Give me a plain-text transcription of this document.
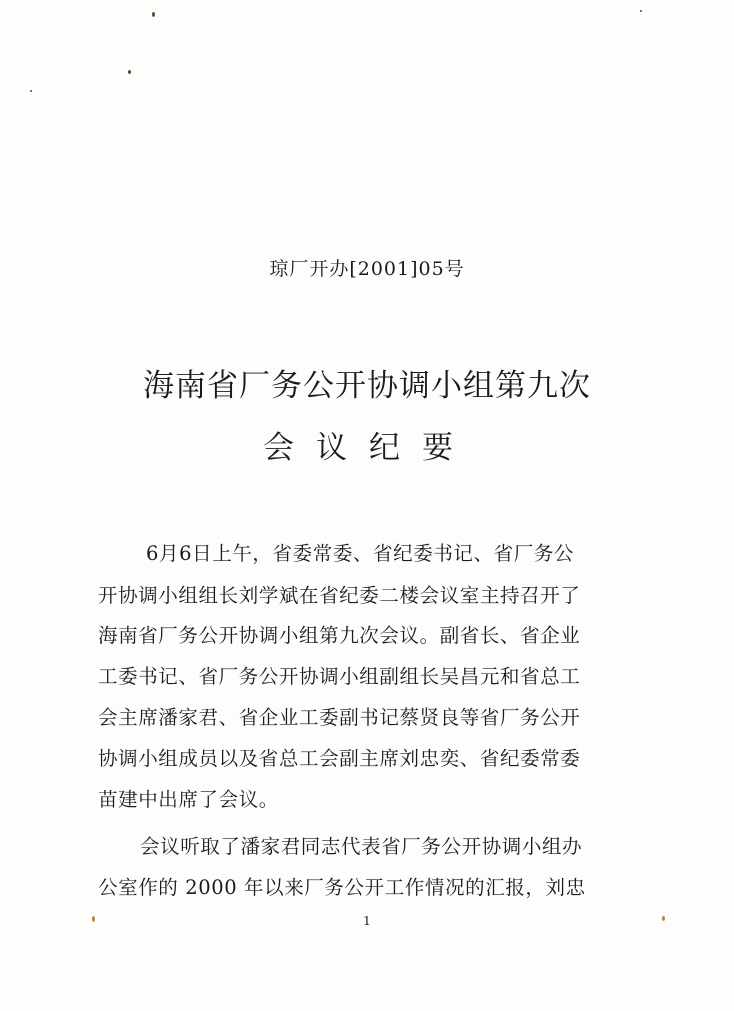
琼厂开办[2001]05号
海南省厂务公开协调小组第九次
会议纪要
6月6日上午，省委常委、省纪委书记、省厂务公
开协调小组组长刘学斌在省纪委二楼会议室主持召开了
海南省厂务公开协调小组第九次会议。副省长、省企业
工委书记、省厂务公开协调小组副组长吴昌元和省总工
会主席潘家君、省企业工委副书记蔡贤良等省厂务公开
协调小组成员以及省总工会副主席刘忠奕、省纪委常委
苗建中出席了会议。
会议听取了潘家君同志代表省厂务公开协调小组办
公室作的 2000 年以来厂务公开工作情况的汇报，刘忠
1
